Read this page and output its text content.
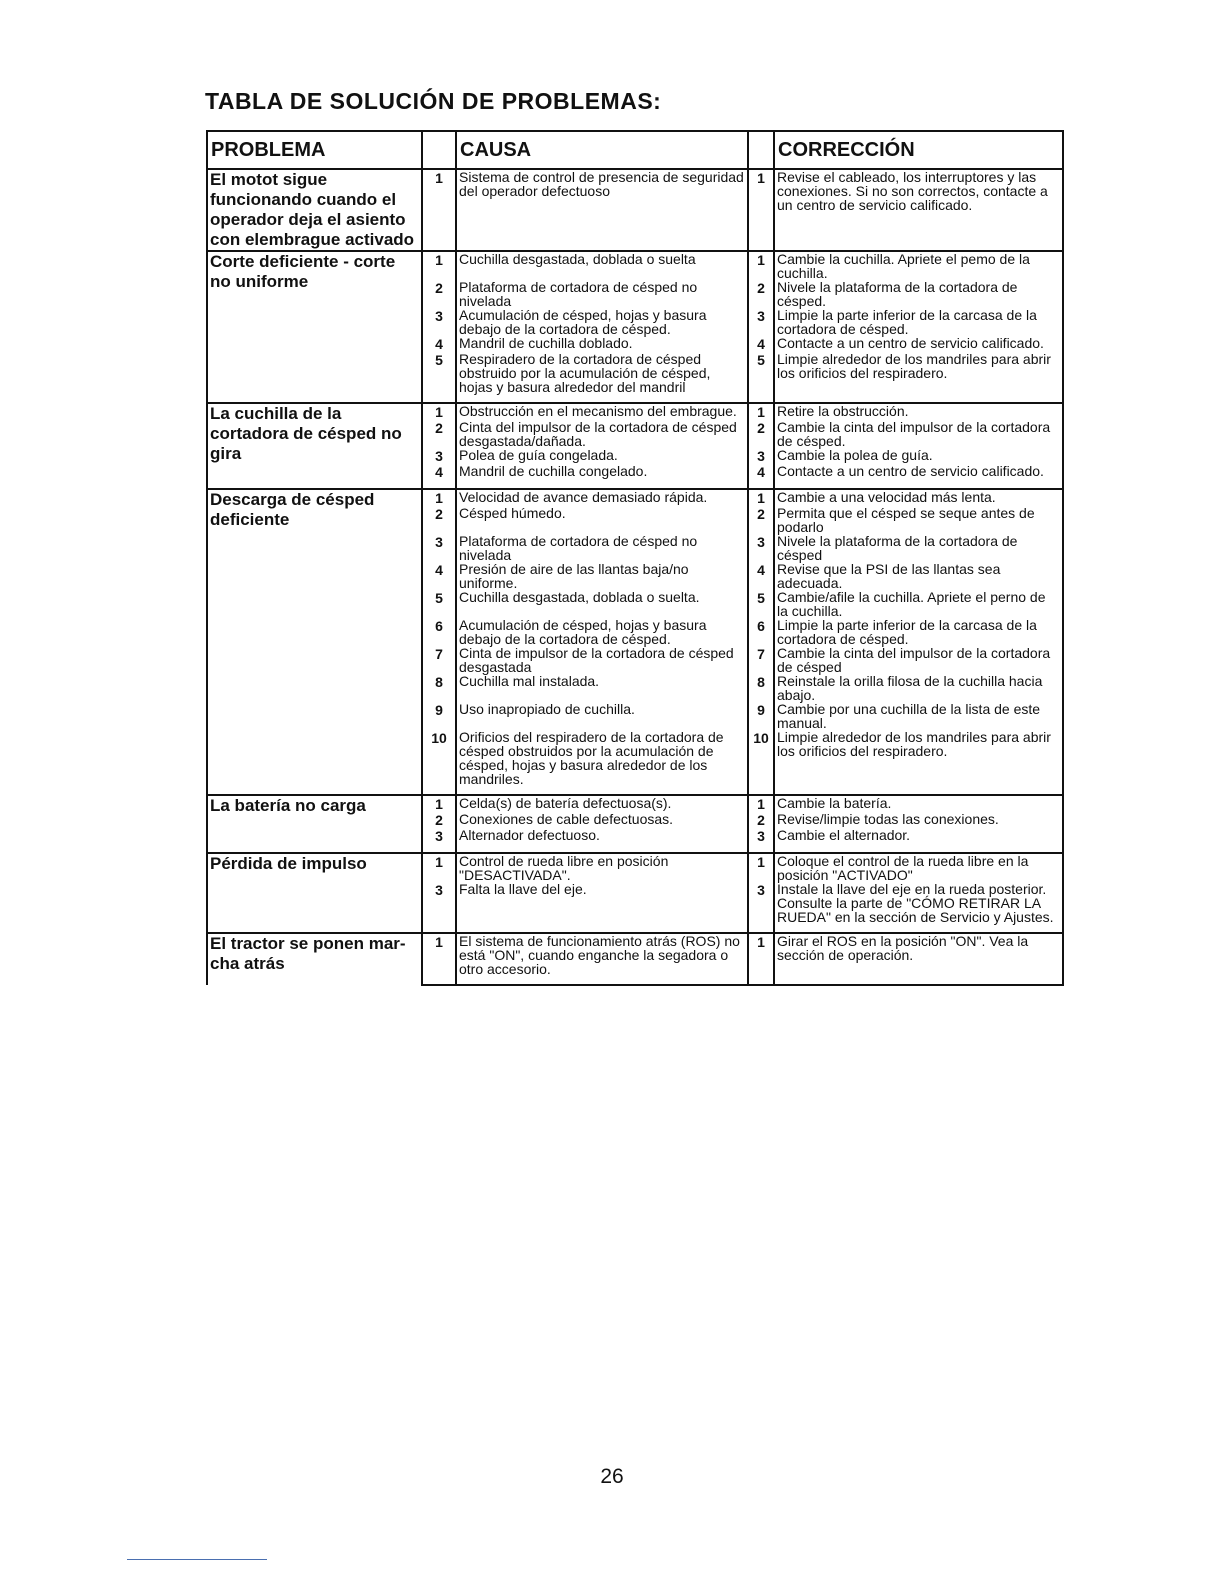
TABLA DE SOLUCIÓN DE PROBLEMAS:
PROBLEMA		CAUSA		CORRECCIÓN
El motot sigue funcionando cuando el operador deja el asiento con elembrague activado	1	Sistema de control de presencia de seguridad del operador defectuoso	1	Revise el cableado, los interruptores y las conexiones. Si no son correctos, contacte a un centro de servicio calificado.

Corte deficiente - corte no uniforme	1	Cuchilla desgastada, doblada o suelta	1	Cambie la cuchilla. Apriete el pemo de la cuchilla.
	2	Plataforma de cortadora de césped no nivelada	2	Nivele la plataforma de la cortadora de césped.
	3	Acumulación de césped, hojas y basura debajo de la cortadora de césped.	3	Limpie la parte inferior de la carcasa de la cortadora de césped.
	4	Mandril de cuchilla doblado.	4	Contacte a un centro de servicio calificado.
	5	Respiradero de la cortadora de césped obstruido por la acumulación de césped, hojas y basura alrededor del mandril	5	Limpie alrededor de los mandriles para abrir los orificios del respiradero.

La cuchilla de la cortadora de césped no gira	1	Obstrucción en el mecanismo del embrague.	1	Retire la obstrucción.
	2	Cinta del impulsor de la cortadora de césped desgastada/dañada.	2	Cambie la cinta del impulsor de la cortadora de césped.
	3	Polea de guía congelada.	3	Cambie la polea de guía.
	4	Mandril de cuchilla congelado.	4	Contacte a un centro de servicio calificado.

Descarga de césped deficiente	1	Velocidad de avance demasiado rápida.	1	Cambie a una velocidad más lenta.
	2	Césped húmedo.	2	Permita que el césped se seque antes de podarlo
	3	Plataforma de cortadora de césped no nivelada	3	Nivele la plataforma de la cortadora de césped
	4	Presión de aire de las llantas baja/no uniforme.	4	Revise que la PSI de las llantas sea adecuada.
	5	Cuchilla desgastada, doblada o suelta.	5	Cambie/afile la cuchilla. Apriete el perno de la cuchilla.
	6	Acumulación de césped, hojas y basura debajo de la cortadora de césped.	6	Limpie la parte inferior de la carcasa de la cortadora de césped.
	7	Cinta de impulsor de la cortadora de césped desgastada	7	Cambie la cinta del impulsor de la cortadora de césped
	8	Cuchilla mal instalada.	8	Reinstale la orilla filosa de la cuchilla hacia abajo.
	9	Uso inapropiado de cuchilla.	9	Cambie por una cuchilla de la lista de este manual.
	10	Orificios del respiradero de la cortadora de césped obstruidos por la acumulación de césped, hojas y basura alrededor de los mandriles.	10	Limpie alrededor de los mandriles para abrir los orificios del respiradero.

La batería no carga	1	Celda(s) de batería defectuosa(s).	1	Cambie la batería.
	2	Conexiones de cable defectuosas.	2	Revise/limpie todas las conexiones.
	3	Alternador defectuoso.	3	Cambie el alternador.

Pérdida de impulso	1	Control de rueda libre en posición "DESACTIVADA".	1	Coloque el control de la rueda libre en la posición "ACTIVADO"
	3	Falta la llave del eje.	3	Instale la llave del eje en la rueda posterior. Consulte la parte de "CÓMO RETIRAR LA RUEDA" en la sección de Servicio y Ajustes.

El tractor se ponen mar- cha atrás	1	El sistema de funcionamiento atrás (ROS) no está "ON", cuando enganche la segadora o otro accesorio.	1	Girar el ROS en la posición "ON". Vea la sección de operación.

26
